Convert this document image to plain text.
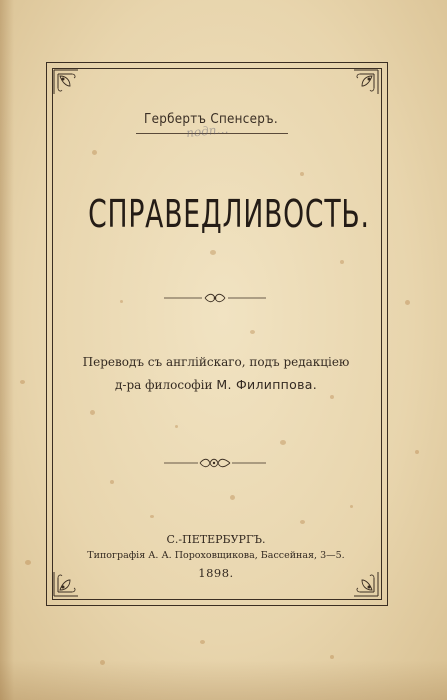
Гербертъ Спенсеръ.
подп…
СПРАВЕДЛИВОСТЬ.
Переводъ съ англійскаго, подъ редакціею
д-ра философіи М. Филиппова.
С.-ПЕТЕРБУРГЪ.
Типографія А. А. Пороховщикова, Бассейная, 3—5.
1898.
